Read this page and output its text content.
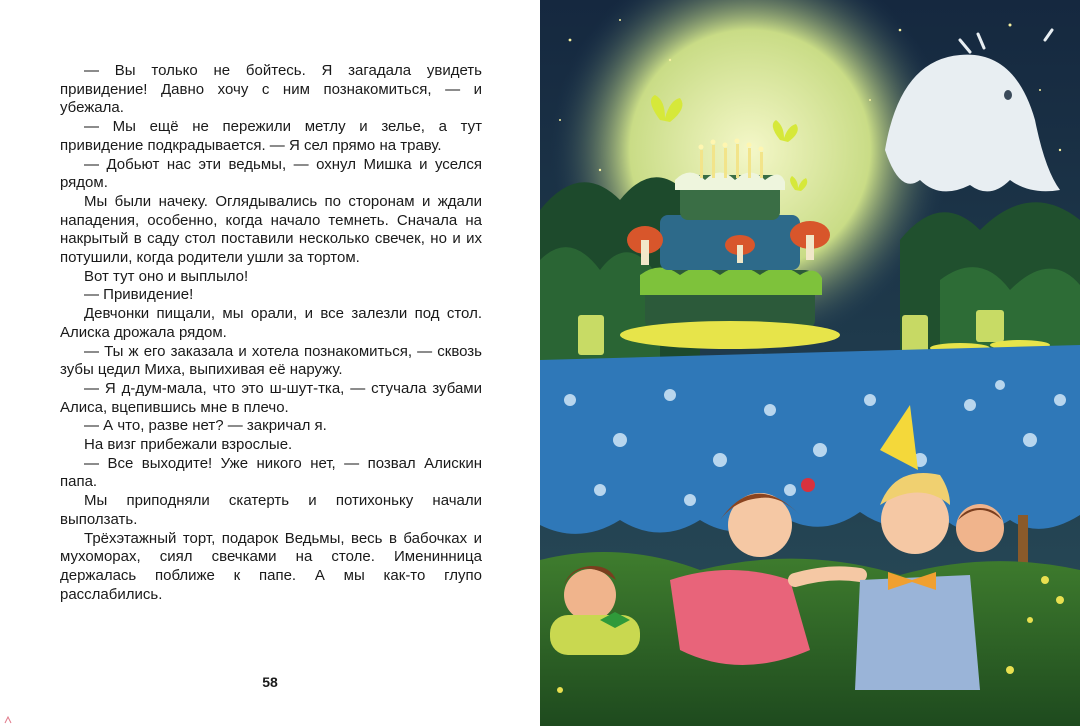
— Вы только не бойтесь. Я загадала увидеть привидение! Давно хочу с ним познакомиться, — и убежала.

— Мы ещё не пережили метлу и зелье, а тут привидение подкрадывается. — Я сел прямо на траву.

— Добьют нас эти ведьмы, — охнул Мишка и уселся рядом.

Мы были начеку. Оглядывались по сторонам и ждали нападения, особенно, когда начало темнеть. Сначала на накрытый в саду стол поставили несколько свечек, но и их потушили, когда родители ушли за тортом.

Вот тут оно и выплыло!

— Привидение!

Девчонки пищали, мы орали, и все залезли под стол. Алиска дрожала рядом.

— Ты ж его заказала и хотела познакомиться, — сквозь зубы цедил Миха, выпихивая её наружу.

— Я д-дум-мала, что это ш-шут-тка, — стучала зубами Алиса, вцепившись мне в плечо.

— А что, разве нет? — закричал я.

На визг прибежали взрослые.

— Все выходите! Уже никого нет, — позвал Алискин папа.

Мы приподняли скатерть и потихоньку начали выползать.

Трёхэтажный торт, подарок Ведьмы, весь в бабочках и мухоморах, сиял свечками на столе. Именинница держалась поближе к папе. А мы как-то глупо расслабились.

58
